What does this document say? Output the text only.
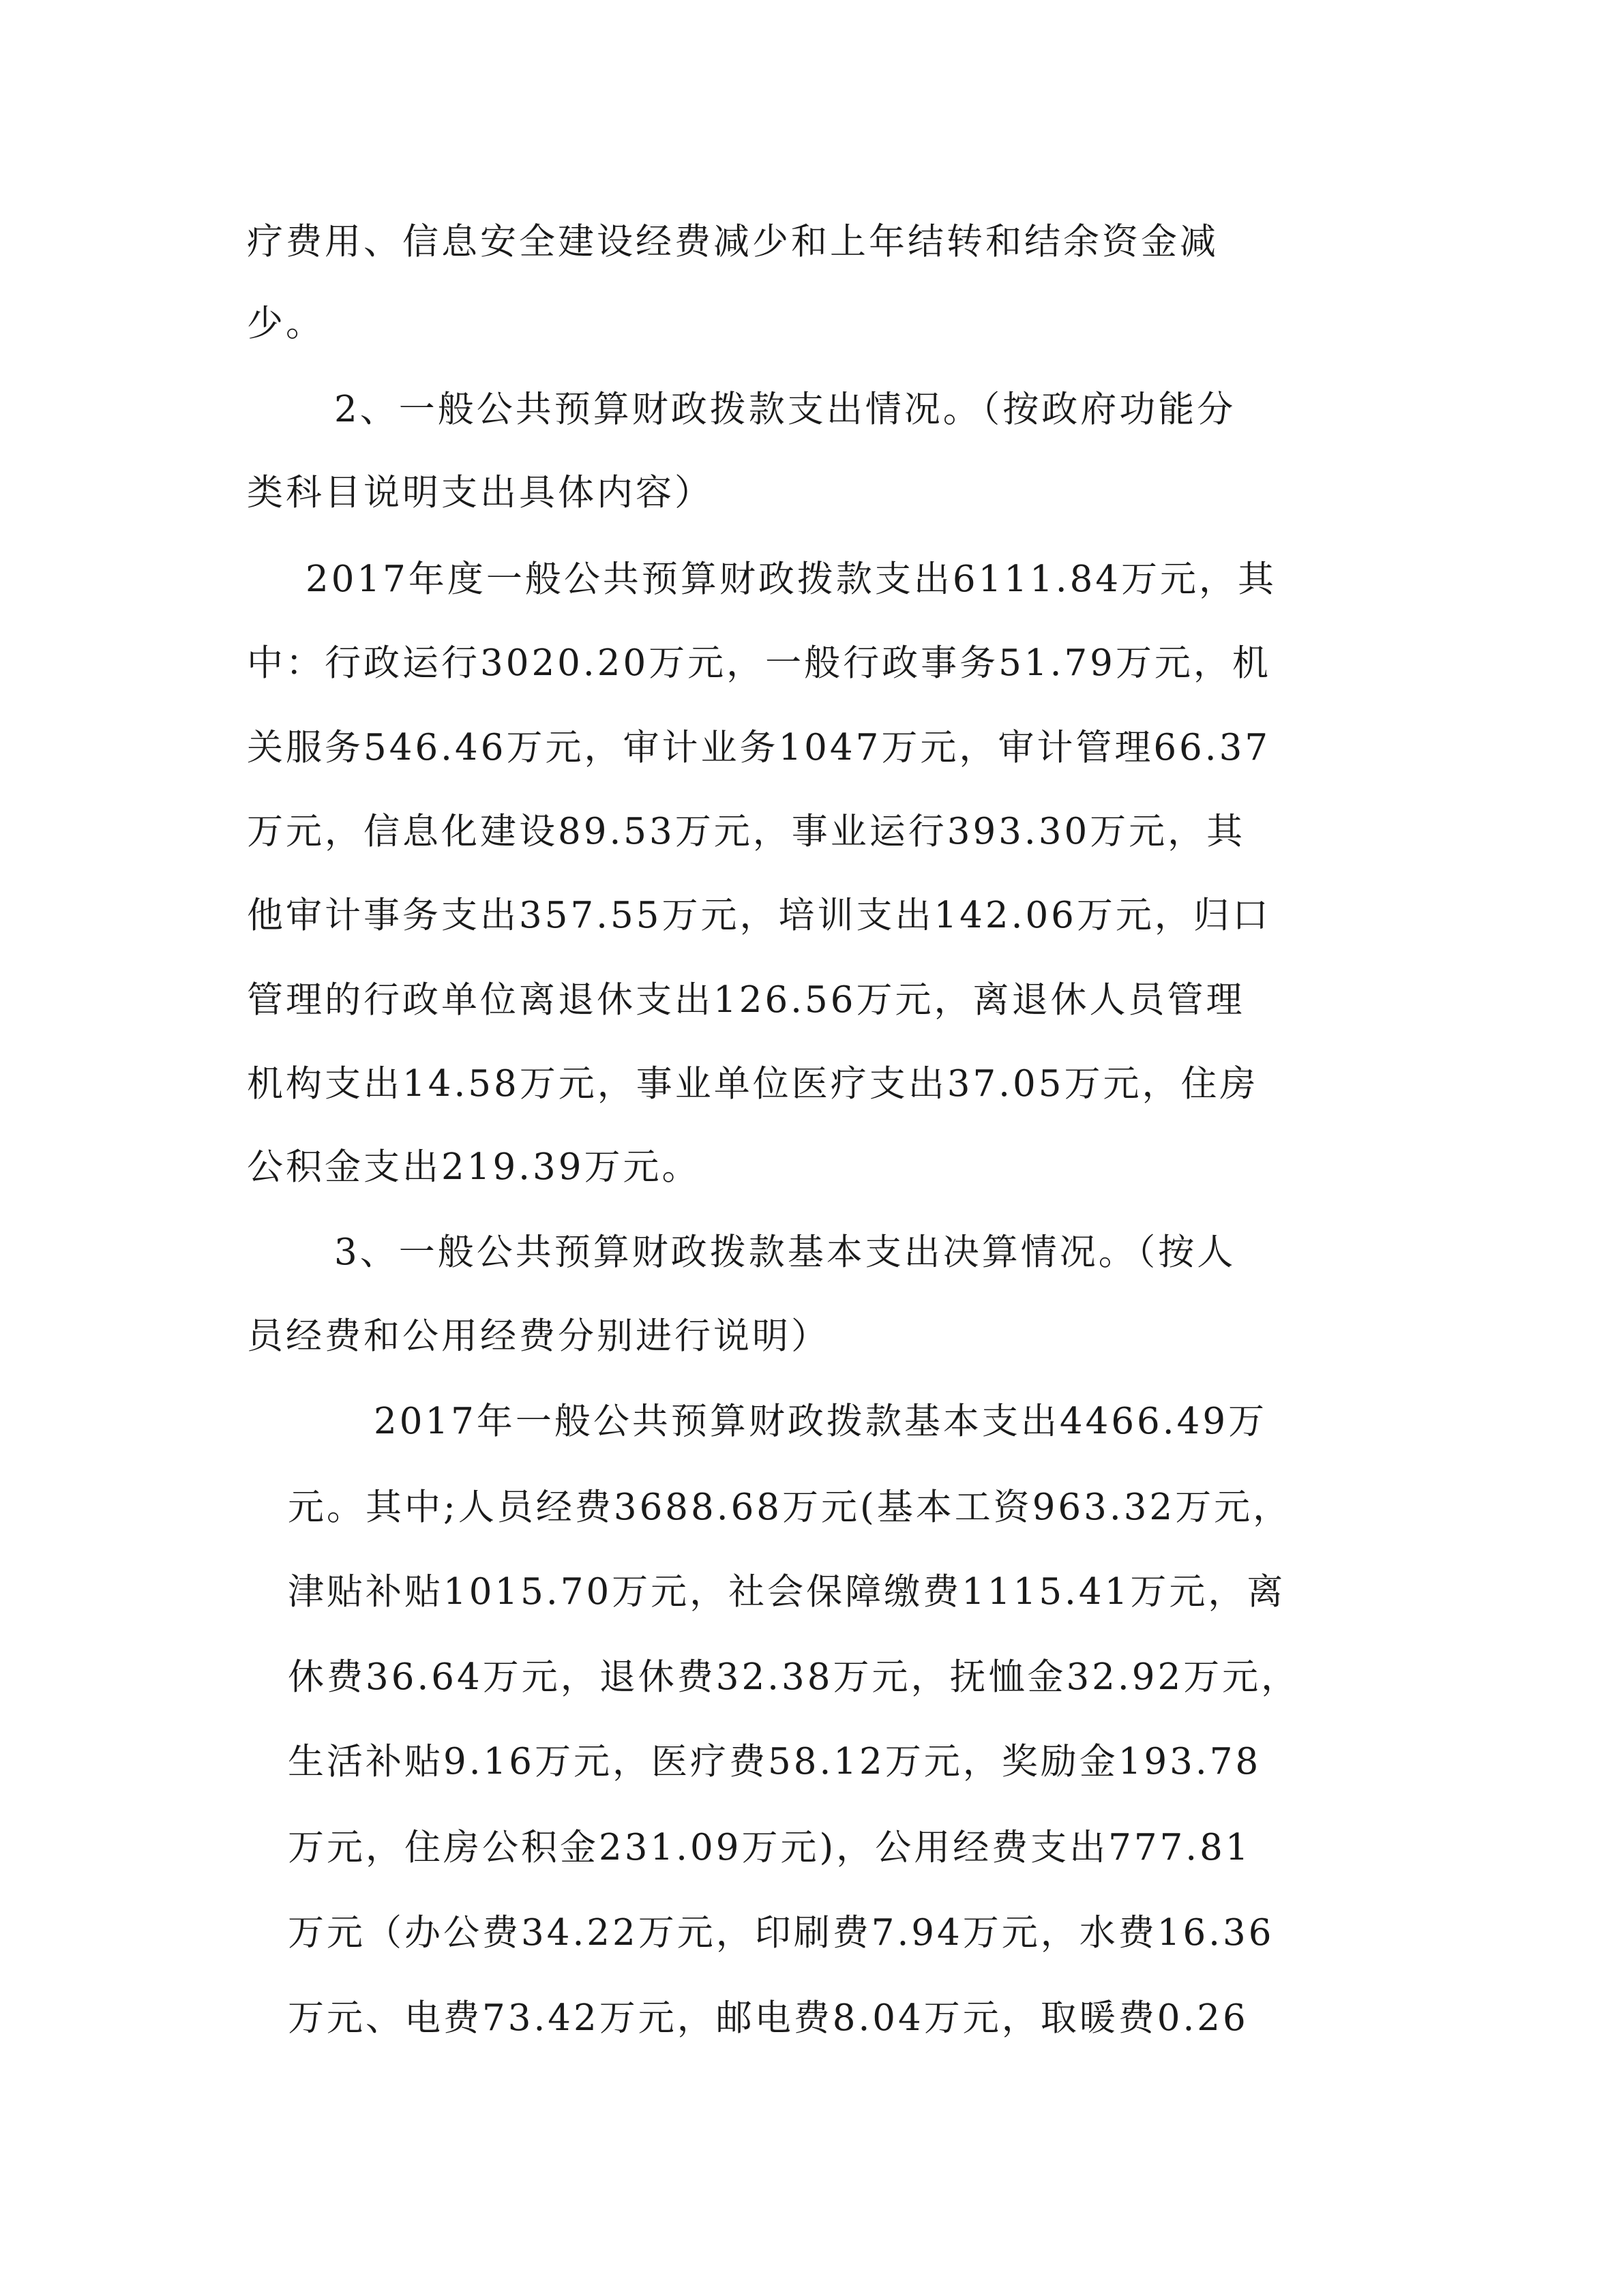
疗费用、信息安全建设经费减少和上年结转和结余资金减
少。
2、一般公共预算财政拨款支出情况。（按政府功能分
类科目说明支出具体内容）
2017年度一般公共预算财政拨款支出6111.84万元，其
中：行政运行3020.20万元，一般行政事务51.79万元，机
关服务546.46万元，审计业务1047万元，审计管理66.37
万元，信息化建设89.53万元，事业运行393.30万元，其
他审计事务支出357.55万元，培训支出142.06万元，归口
管理的行政单位离退休支出126.56万元，离退休人员管理
机构支出14.58万元，事业单位医疗支出37.05万元，住房
公积金支出219.39万元。
3、一般公共预算财政拨款基本支出决算情况。（按人
员经费和公用经费分别进行说明）
2017年一般公共预算财政拨款基本支出4466.49万
元。其中;人员经费3688.68万元(基本工资963.32万元，
津贴补贴1015.70万元，社会保障缴费1115.41万元，离
休费36.64万元，退休费32.38万元，抚恤金32.92万元，
生活补贴9.16万元，医疗费58.12万元，奖励金193.78
万元，住房公积金231.09万元)，公用经费支出777.81
万元（办公费34.22万元，印刷费7.94万元，水费16.36
万元、电费73.42万元，邮电费8.04万元，取暖费0.26
